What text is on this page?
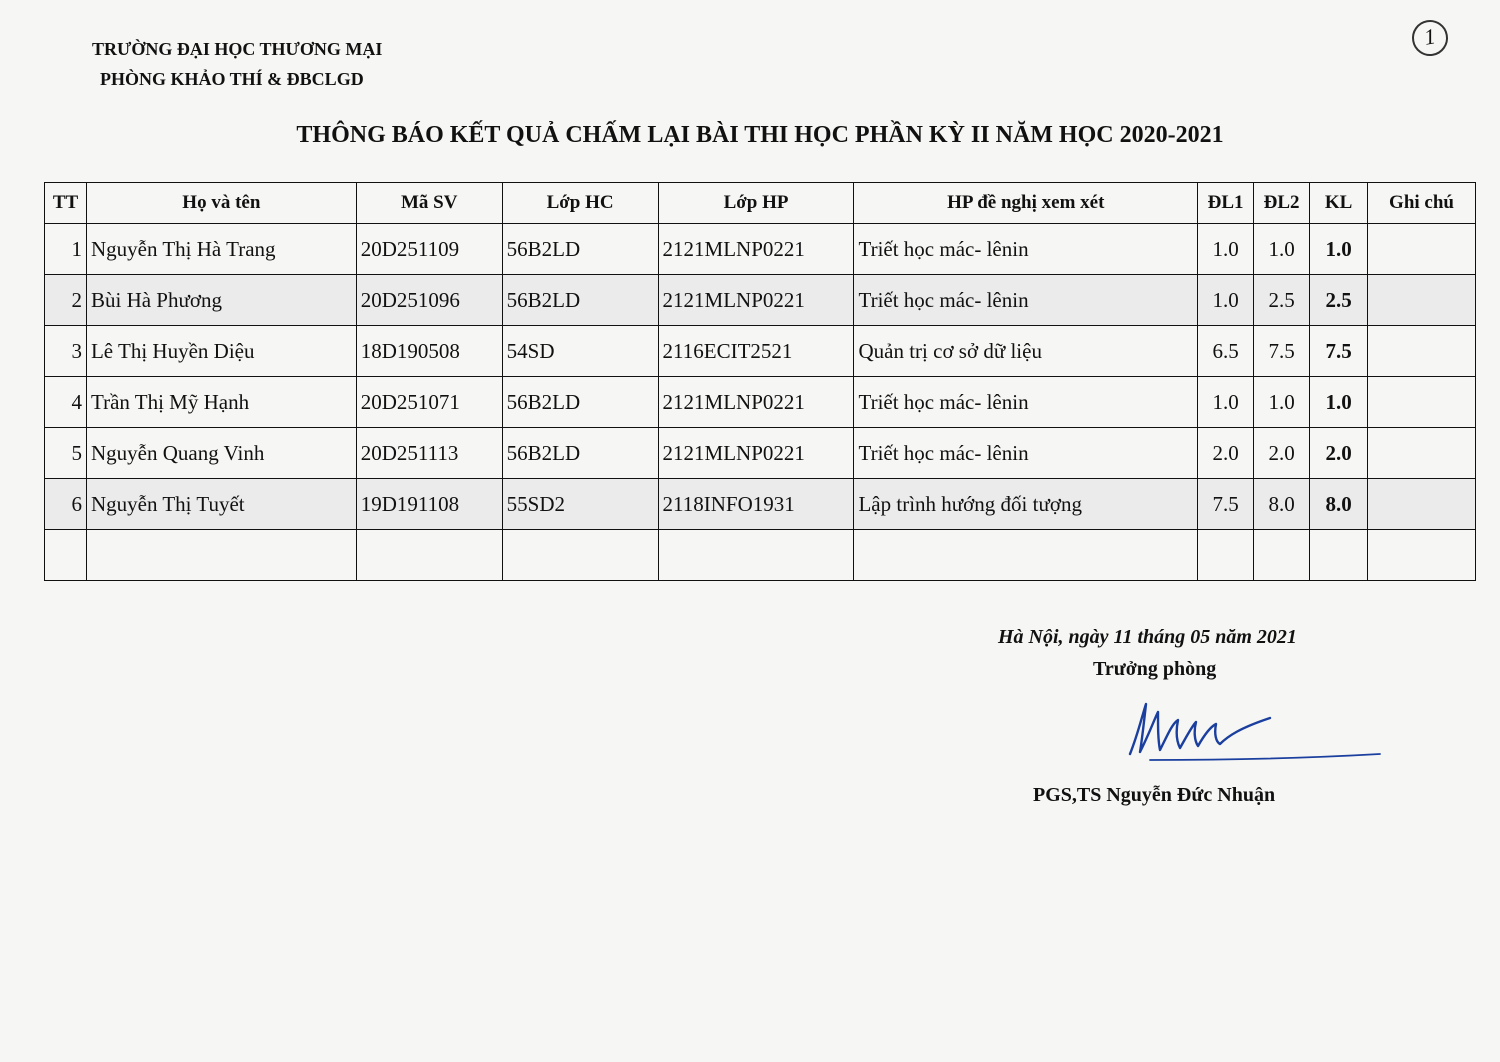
TRƯỜNG ĐẠI HỌC THƯƠNG MẠI
PHÒNG KHẢO THÍ & ĐBCLGD
1
THÔNG BÁO KẾT QUẢ CHẤM LẠI BÀI THI HỌC PHẦN KỲ II NĂM HỌC 2020-2021
TT	Họ và tên	Mã SV	Lớp HC	Lớp HP	HP đề nghị xem xét	ĐL1	ĐL2	KL	Ghi chú
1	Nguyễn Thị Hà Trang	20D251109	56B2LD	2121MLNP0221	Triết học mác- lênin	1.0	1.0	1.0	
2	Bùi Hà Phương	20D251096	56B2LD	2121MLNP0221	Triết học mác- lênin	1.0	2.5	2.5	
3	Lê Thị Huyền Diệu	18D190508	54SD	2116ECIT2521	Quản trị cơ sở dữ liệu	6.5	7.5	7.5	
4	Trần Thị Mỹ Hạnh	20D251071	56B2LD	2121MLNP0221	Triết học mác- lênin	1.0	1.0	1.0	
5	Nguyễn Quang Vinh	20D251113	56B2LD	2121MLNP0221	Triết học mác- lênin	2.0	2.0	2.0	
6	Nguyễn Thị Tuyết	19D191108	55SD2	2118INFO1931	Lập trình hướng đối tượng	7.5	8.0	8.0	

Hà Nội, ngày 11 tháng 05 năm 2021
Trưởng phòng
PGS,TS Nguyễn Đức Nhuận
